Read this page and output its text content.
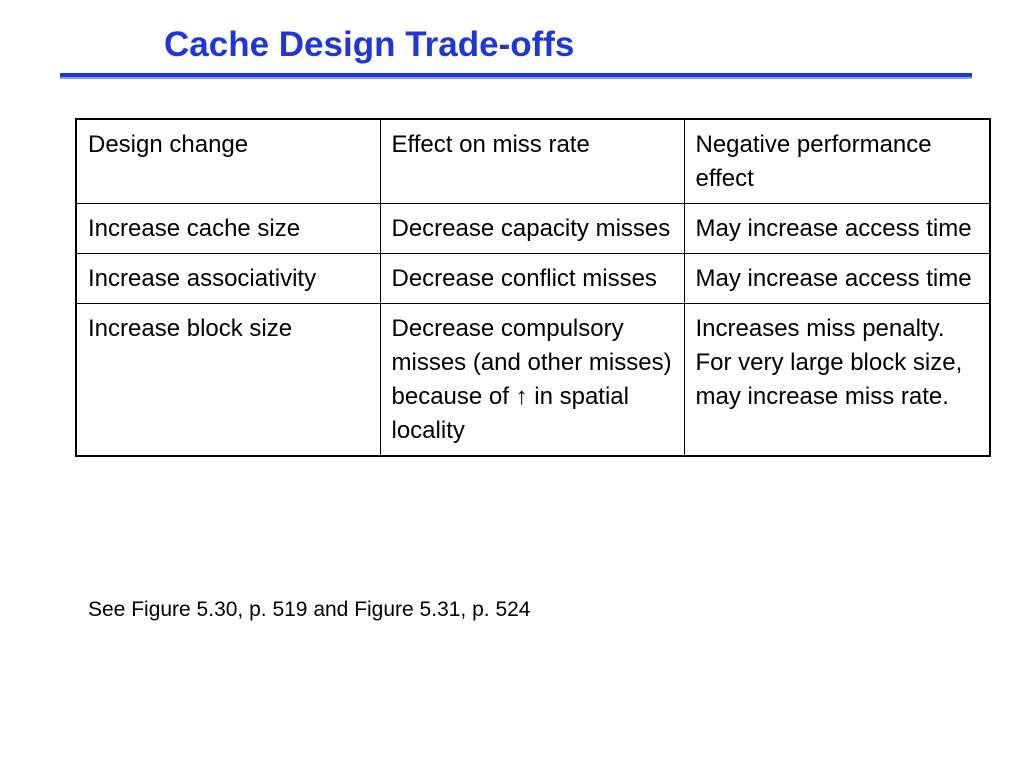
Cache Design Trade-offs
Design change	Effect on miss rate	Negative performance effect
Increase cache size	Decrease capacity misses	May increase access time
Increase associativity	Decrease conflict misses	May increase access time
Increase block size	Decrease compulsory misses (and other misses) because of ↑ in spatial locality	Increases miss penalty. For very large block size, may increase miss rate.

See Figure 5.30, p. 519 and Figure 5.31, p. 524
